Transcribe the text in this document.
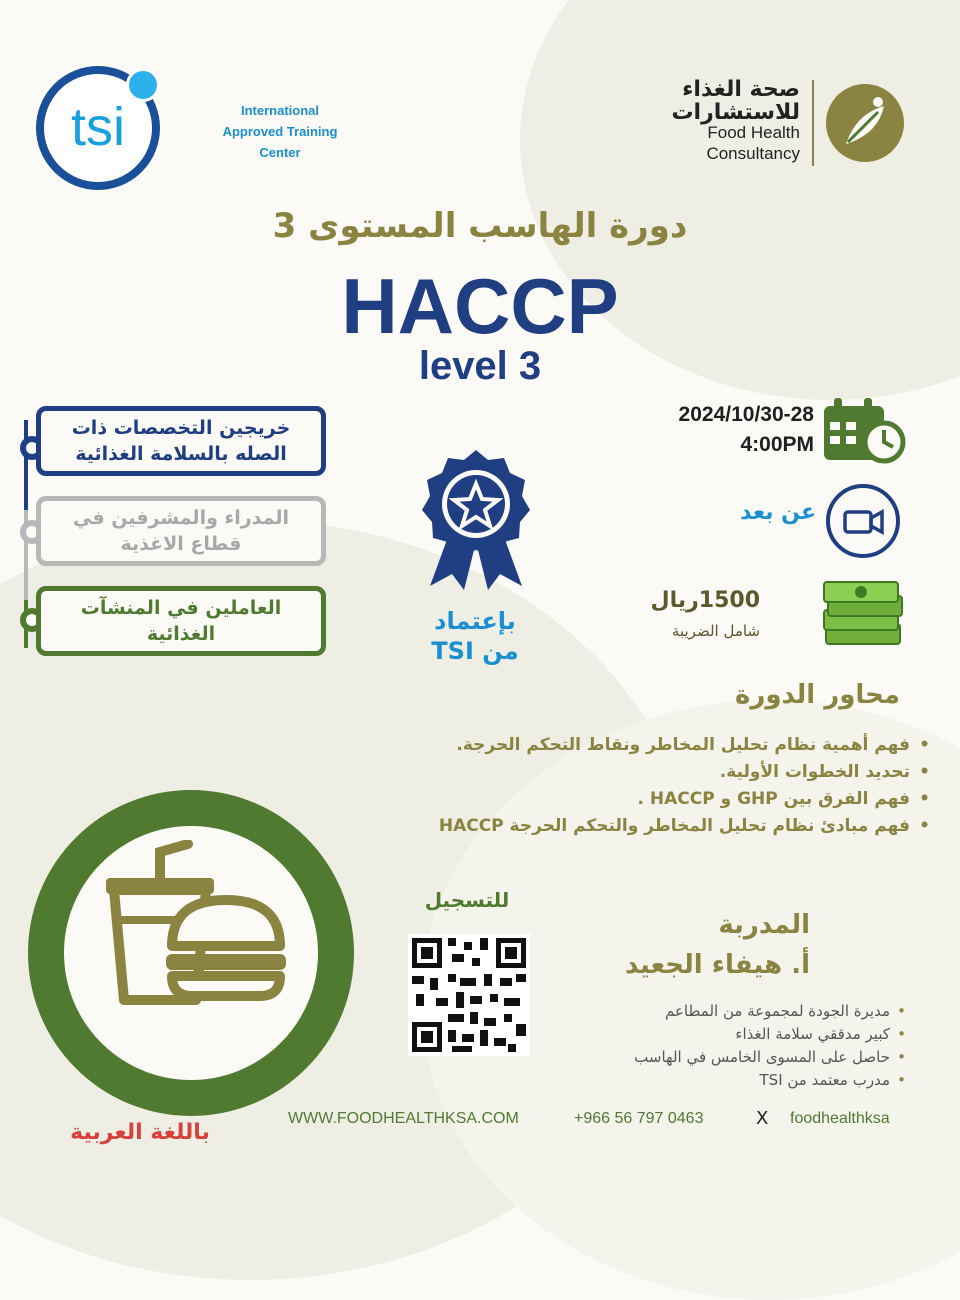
tsi	International
Approved Training Center
صحة الغذاء
للاستشارات
Food Health
Consultancy
دورة الهاسب المستوى 3
HACCP
level 3
خريجين التخصصات ذات الصله بالسلامة الغذائية
المدراء والمشرفين في قطاع الاغذية
العاملين في المنشآت الغذائية	بإعتماد
من TSI
2024/10/30-28
4:00PM
عن بعد
1500ريال
شامل الضريبة
محاور الدورة
• فهم أهمية نظام تحليل المخاطر ونقاط التحكم الحرجة.
• تحديد الخطوات الأولية.
• فهم الفرق بين GHP و HACCP .
• فهم مبادئ نظام تحليل المخاطر والتحكم الحرجة HACCP
باللغة العربية
للتسجيل
المدربة
أ. هيفاء الجعيد
• مديرة الجودة لمجموعة من المطاعم
• كبير مدققي سلامة الغذاء
• حاصل على المسوى الخامس في الهاسب
• مدرب معتمد من TSI
WWW.FOODHEALTHKSA.COM	+966 56 797 0463	X foodhealthksa
